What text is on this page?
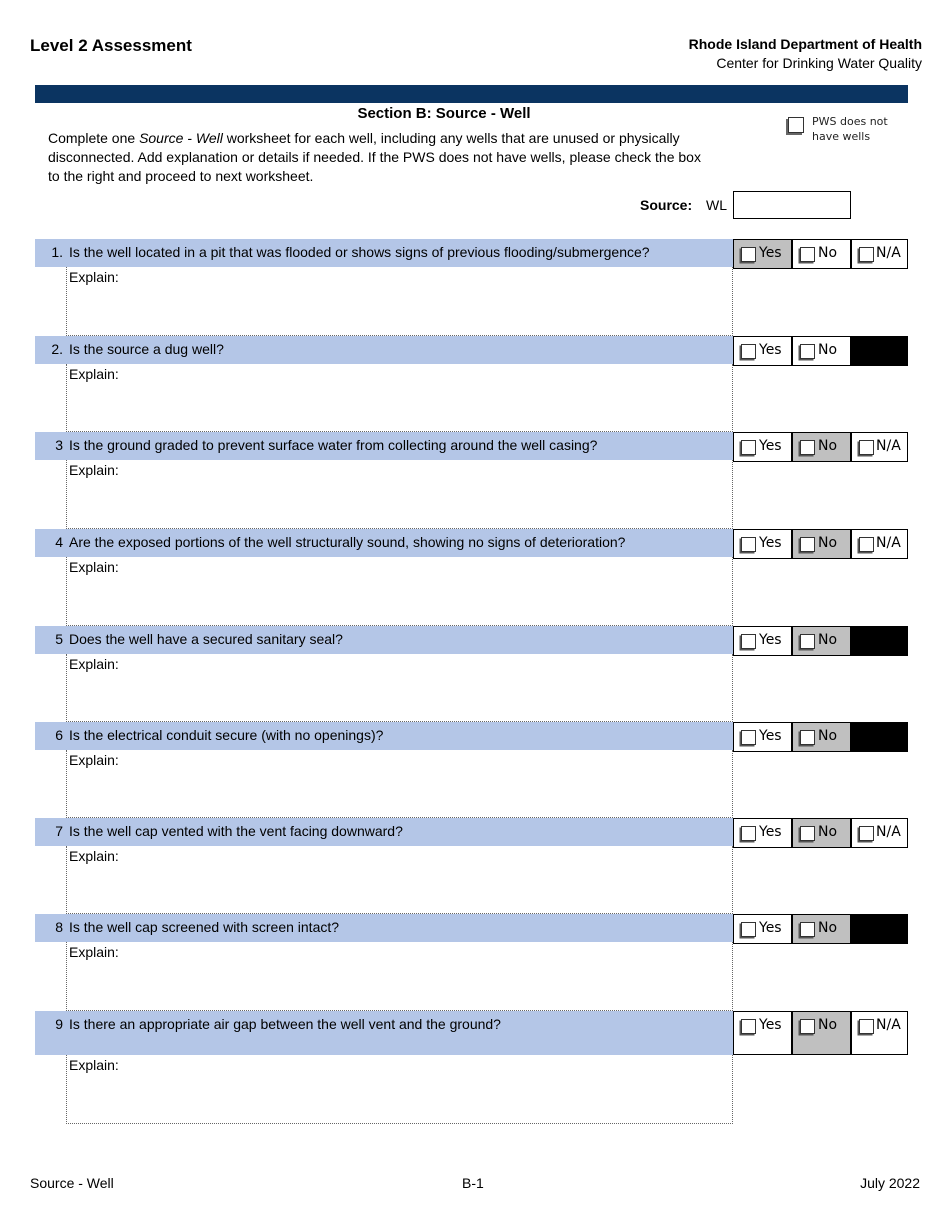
Level 2 Assessment	Rhode Island Department of Health
Center for Drinking Water Quality
Section B: Source - Well
Complete one Source - Well worksheet for each well, including any wells that are unused or physically disconnected. Add explanation or details if needed. If the PWS does not have wells, please check the box to the right and proceed to next worksheet.
PWS does not have wells
Source: WL
1. Is the well located in a pit that was flooded or shows signs of previous flooding/submergence?
Explain:
Yes	No	N/A
2. Is the source a dug well?
Explain:
Yes	No
3 Is the ground graded to prevent surface water from collecting around the well casing?
Explain:
Yes	No	N/A
4 Are the exposed portions of the well structurally sound, showing no signs of deterioration?
Explain:
Yes	No	N/A
5 Does the well have a secured sanitary seal?
Explain:
Yes	No
6 Is the electrical conduit secure (with no openings)?
Explain:
Yes	No
7 Is the well cap vented with the vent facing downward?
Explain:
Yes	No	N/A
8 Is the well cap screened with screen intact?
Explain:
Yes	No
9 Is there an appropriate air gap between the well vent and the ground?
Explain:
Yes	No	N/A
Source - Well	B-1	July 2022
